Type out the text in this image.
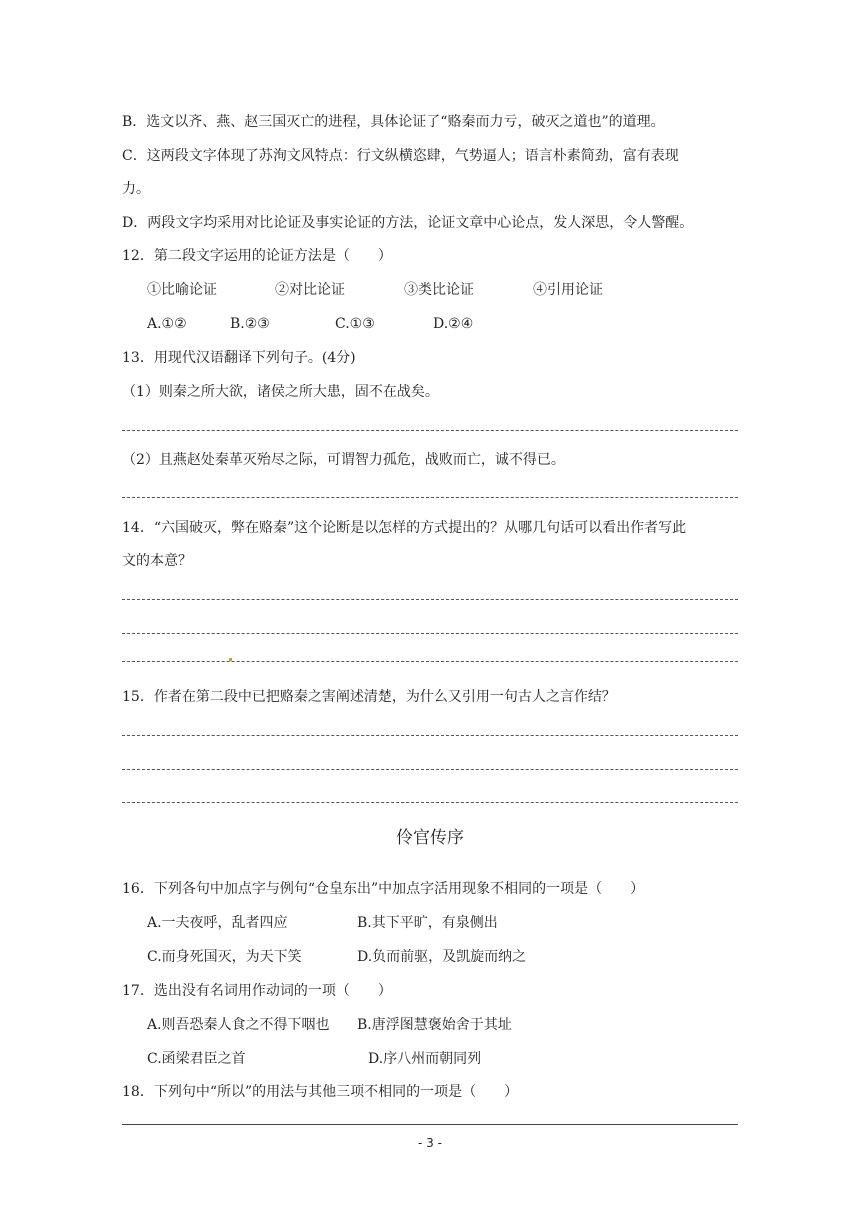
B．选文以齐、燕、赵三国灭亡的进程，具体论证了“赂秦而力亏，破灭之道也”的道理。
C．这两段文字体现了苏洵文风特点：行文纵横恣肆，气势逼人；语言朴素简劲，富有表现
力。
D．两段文字均采用对比论证及事实论证的方法，论证文章中心论点，发人深思，令人警醒。
12．第二段文字运用的论证方法是（　　）
①比喻论证	②对比论证	③类比论证	④引用论证
A.①②	B.②③	C.①③	D.②④
13．用现代汉语翻译下列句子。(4分)
（1）则秦之所大欲，诸侯之所大患，固不在战矣。
（2）且燕赵处秦革灭殆尽之际，可谓智力孤危，战败而亡，诚不得已。
14．“六国破灭，弊在赂秦”这个论断是以怎样的方式提出的？从哪几句话可以看出作者写此
文的本意？
15．作者在第二段中已把赂秦之害阐述清楚，为什么又引用一句古人之言作结？
伶官传序
16．下列各句中加点字与例句“仓皇东出”中加点字活用现象不相同的一项是（　　）
A.一夫夜呼，乱者四应	B.其下平旷，有泉侧出
C.而身死国灭，为天下笑	D.负而前驱，及凯旋而纳之
17．选出没有名词用作动词的一项（　　）
A.则吾恐秦人食之不得下咽也 B.唐浮图慧褒始舍于其址
C.函梁君臣之首	D.序八州而朝同列
18．下列句中“所以”的用法与其他三项不相同的一项是（　　）
- 3 -
